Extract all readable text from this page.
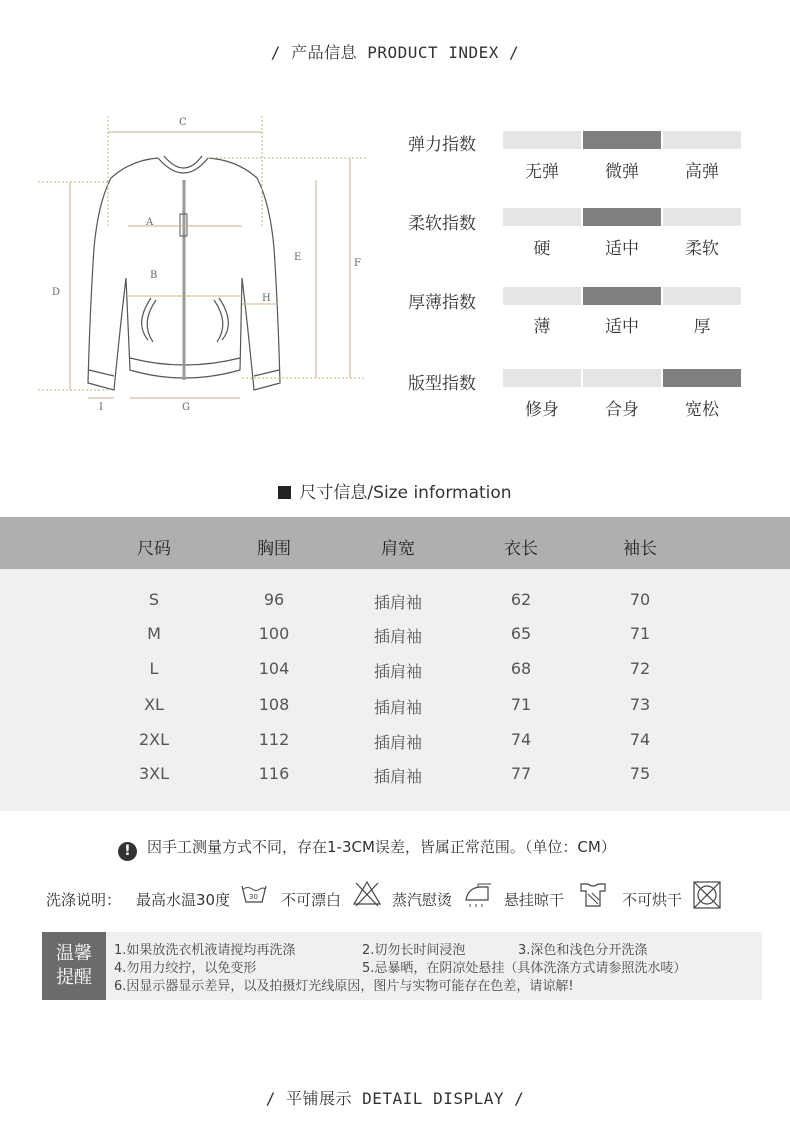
/ 产品信息 PRODUCT INDEX /
C
A
B
D
E
F
G
H
I
弹力指数
无弹	微弹	高弹
柔软指数
硬	适中	柔软
厚薄指数
薄	适中	厚
版型指数
修身	合身	宽松
尺寸信息/Size information
尺码	胸围	肩宽	衣长	袖长
S	96	插肩袖	62	70
M	100	插肩袖	65	71
L	104	插肩袖	68	72
XL	108	插肩袖	71	73
2XL	112	插肩袖	74	74
3XL	116	插肩袖	77	75
! 因手工测量方式不同，存在1-3CM误差，皆属正常范围。（单位：CM）
洗涤说明： 最高水温30度	30 不可漂白	蒸汽慰烫	悬挂晾干	不可烘干
温馨
提醒
1.如果放洗衣机液请搅均再洗涤	2.切勿长时间浸泡	3.深色和浅色分开洗涤
4.勿用力绞拧，以免变形	5.忌暴晒，在阴凉处悬挂（具体洗涤方式请参照洗水唛）
6.因显示器显示差异，以及拍摄灯光线原因，图片与实物可能存在色差，请谅解!
/ 平铺展示 DETAIL DISPLAY /
